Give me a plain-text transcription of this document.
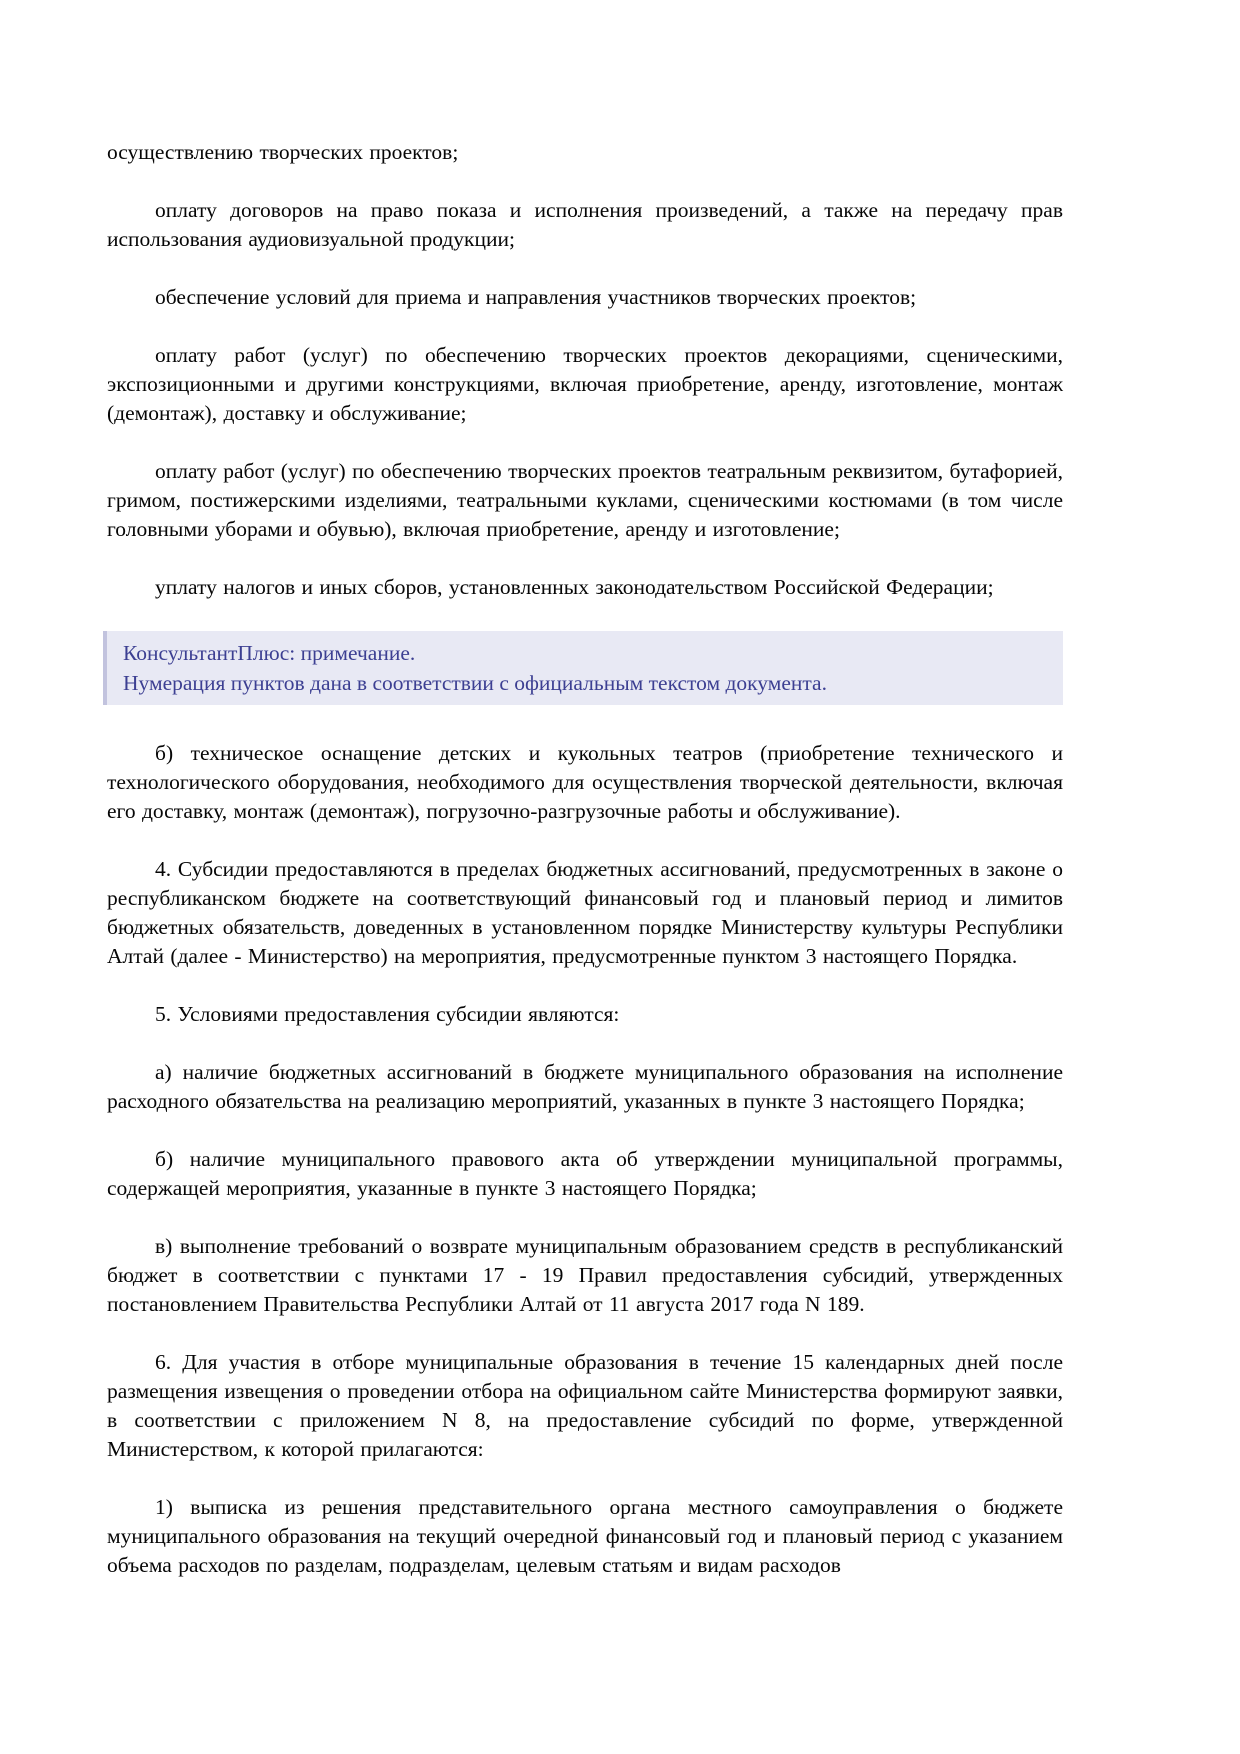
осуществлению творческих проектов;

оплату договоров на право показа и исполнения произведений, а также на передачу прав использования аудиовизуальной продукции;

обеспечение условий для приема и направления участников творческих проектов;

оплату работ (услуг) по обеспечению творческих проектов декорациями, сценическими, экспозиционными и другими конструкциями, включая приобретение, аренду, изготовление, монтаж (демонтаж), доставку и обслуживание;

оплату работ (услуг) по обеспечению творческих проектов театральным реквизитом, бутафорией, гримом, постижерскими изделиями, театральными куклами, сценическими костюмами (в том числе головными уборами и обувью), включая приобретение, аренду и изготовление;

уплату налогов и иных сборов, установленных законодательством Российской Федерации;

КонсультантПлюс: примечание.
Нумерация пунктов дана в соответствии с официальным текстом документа.

б) техническое оснащение детских и кукольных театров (приобретение технического и технологического оборудования, необходимого для осуществления творческой деятельности, включая его доставку, монтаж (демонтаж), погрузочно-разгрузочные работы и обслуживание).

4. Субсидии предоставляются в пределах бюджетных ассигнований, предусмотренных в законе о республиканском бюджете на соответствующий финансовый год и плановый период и лимитов бюджетных обязательств, доведенных в установленном порядке Министерству культуры Республики Алтай (далее - Министерство) на мероприятия, предусмотренные пунктом 3 настоящего Порядка.

5. Условиями предоставления субсидии являются:

а) наличие бюджетных ассигнований в бюджете муниципального образования на исполнение расходного обязательства на реализацию мероприятий, указанных в пункте 3 настоящего Порядка;

б) наличие муниципального правового акта об утверждении муниципальной программы, содержащей мероприятия, указанные в пункте 3 настоящего Порядка;

в) выполнение требований о возврате муниципальным образованием средств в республиканский бюджет в соответствии с пунктами 17 - 19 Правил предоставления субсидий, утвержденных постановлением Правительства Республики Алтай от 11 августа 2017 года N 189.

6. Для участия в отборе муниципальные образования в течение 15 календарных дней после размещения извещения о проведении отбора на официальном сайте Министерства формируют заявки, в соответствии с приложением N 8, на предоставление субсидий по форме, утвержденной Министерством, к которой прилагаются:

1) выписка из решения представительного органа местного самоуправления о бюджете муниципального образования на текущий очередной финансовый год и плановый период с указанием объема расходов по разделам, подразделам, целевым статьям и видам расходов
